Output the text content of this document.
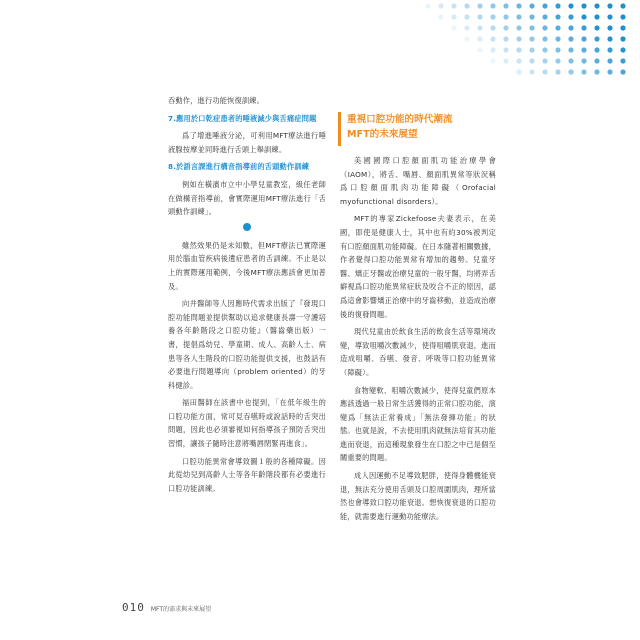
吞動作，進行功能恢復訓練。

7.應用於口乾症患者的唾液減少與舌痛症問題

爲了增進唾液分泌，可利用MFT療法進行唾液腺按摩並同時進行舌頭上舉訓練。

8.於語言課進行構音指導前的舌頭動作訓練

例如在橫濱市立中小學兒童教室，級任老師在做構音指導前，會實際運用MFT療法進行「舌頭動作訓練」。

雖然效果仍是未知數，但MFT療法已實際運用於腦血管疾病後遺症患者的舌訓練。不止是以上的實際運用範例，今後MFT療法應該會更加普及。

向井醫師等人因應時代需求出版了『發現口腔功能問題並提供幫助以追求健康長壽一守護培養各年齡階段之口腔功能』（醫齒藥出版）一書，提倡爲幼兒、學童期、成人、高齡人士、病患等各人生階段的口腔功能提供支援，也鼓話有必要進行問題導向（problem oriented）的牙科健診。

福田醫師在該書中也提到，「在低年級生的口腔功能方面，常可見吞嚥時或說話時的舌突出問題，因此也必須審視如何指導孩子預防舌突出習慣，讓孩子隨時注意將嘴唇閉緊再進食」。

口腔功能異常會導致圖１般的各種障礙。因此從幼兒到高齡人士等各年齡階段都有必要進行口腔功能訓練。

重視口腔功能的時代潮流
MFT的未來展望

美國國際口腔顏面肌功能治療學會（IAOM），將舌、嘴唇、顏面肌異常等狀況稱爲口腔顏面肌肉功能障礙（Orofacial myofunctional disorders）。

MFT的專家Zickefoose夫妻表示，在美國，即使是健康人士，其中也有約30%被判定有口腔顏面肌功能障礙。在日本隨著相關數據，作者覺得口腔功能異常有增加的趨勢。兒童牙醫、矯正牙醫或治療兒童的一般牙醫，均將弄舌癖視爲口腔功能異常症狀及咬合不正的原因，認爲這會影響矯正治療中的牙齒移動，並造成治療後的復發問題。

現代兒童由於飲食生活的飲食生活等環境改變，導致咀嚼次數減少，使得咀嚼肌衰退，進而造成咀嚼、吞嚥、發音、呼吸等口腔功能異常（障礙）。

食物變軟、咀嚼次數減少，使得兒童們原本應該透過一般日常生活獲得的正常口腔功能，演變爲「無法正常養成」「無法發揮功能」的狀態。也就是說，不去使用肌肉就無法培育其功能進而衰退，而這種現象發生在口腔之中已是個至關重要的問題。

成人因運動不足導致肥胖，使得身體機能衰退，無法充分使用舌頭及口腔周圍肌肉，理所當然也會導致口腔功能衰退。想恢復衰退的口腔功能，就需要進行運動功能療法。

010 MFT的需求與未來展望
